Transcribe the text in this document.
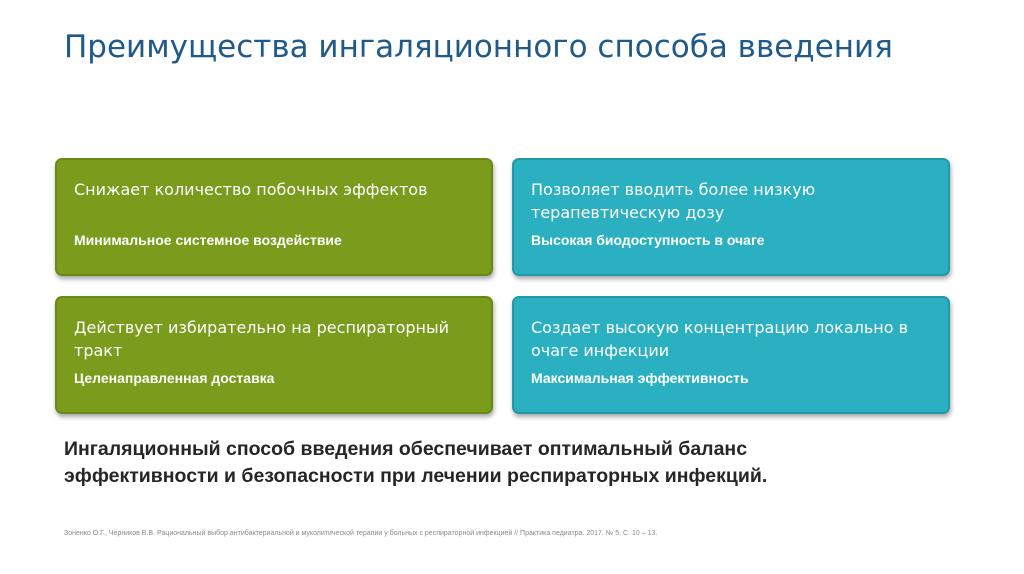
Преимущества ингаляционного способа введения

Снижает количество побочных эффектов

Минимальное системное воздействие

Позволяет вводить более низкую терапевтическую дозу

Высокая биодоступность в очаге

Действует избирательно на респираторный тракт

Целенаправленная доставка

Создает высокую концентрацию локально в очаге инфекции

Максимальная эффективность

Ингаляционный способ введения обеспечивает оптимальный баланс эффективности и безопасности при лечении респираторных инфекций.

Зоненко О.Г., Черников В.В. Рациональный выбор антибактериальной и муколитической терапии у больных с респираторной инфекцией // Практика педиатра. 2017. № 5. С. 10 – 13.
